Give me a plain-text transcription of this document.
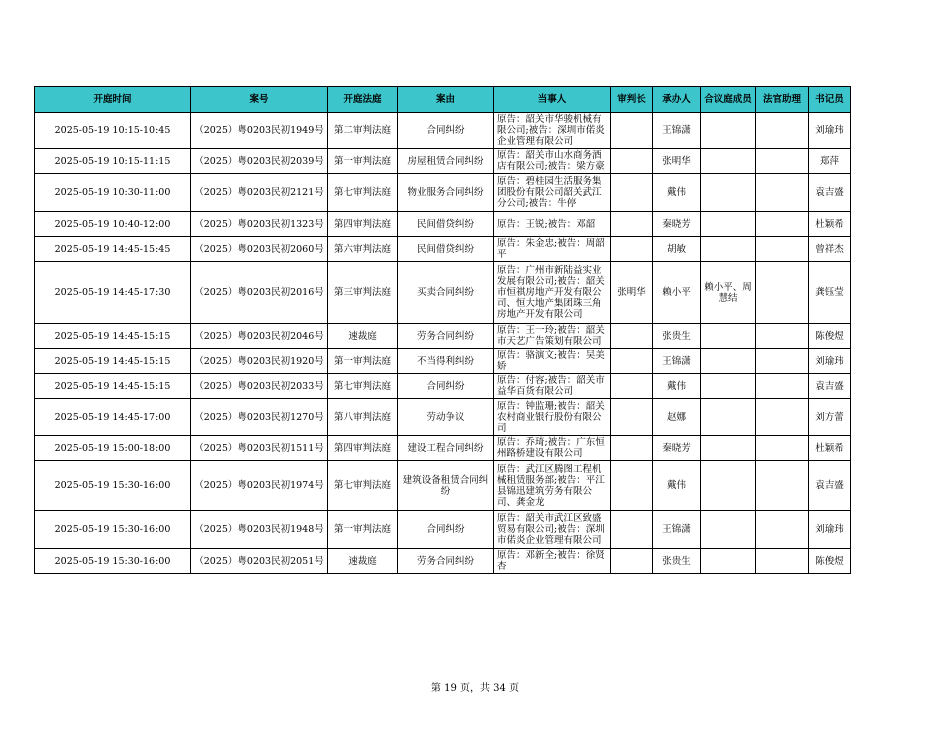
开庭时间	案号	开庭法庭	案由	当事人	审判长	承办人	合议庭成员	法官助理	书记员
2025-05-19 10:15-10:45	（2025）粤0203民初1949号	第二审判法庭	合同纠纷	原告：韶关市华骏机械有限公司;被告：深圳市偌炎企业管理有限公司		王锦潇			刘瑜玮
2025-05-19 10:15-11:15	（2025）粤0203民初2039号	第一审判法庭	房屋租赁合同纠纷	原告：韶关市山水商务酒店有限公司;被告：梁方豪		张明华			郑萍
2025-05-19 10:30-11:00	（2025）粤0203民初2121号	第七审判法庭	物业服务合同纠纷	原告：碧桂园生活服务集团股份有限公司韶关武江分公司;被告：牛停		戴伟			袁吉盛
2025-05-19 10:40-12:00	（2025）粤0203民初1323号	第四审判法庭	民间借贷纠纷	原告：王锐;被告：邓韶		秦晓芳			杜颖希
2025-05-19 14:45-15:45	（2025）粤0203民初2060号	第六审判法庭	民间借贷纠纷	原告：朱金忠;被告：周韶平		胡敏			曾祥杰
2025-05-19 14:45-17:30	（2025）粤0203民初2016号	第三审判法庭	买卖合同纠纷	原告：广州市新陆益实业发展有限公司;被告：韶关市恒祺房地产开发有限公司、恒大地产集团珠三角房地产开发有限公司	张明华	赖小平	赖小平、周慧结		龚钰莹
2025-05-19 14:45-15:15	（2025）粤0203民初2046号	速裁庭	劳务合同纠纷	原告：王一玲;被告：韶关市天艺广告策划有限公司		张贵生			陈俊煜
2025-05-19 14:45-15:15	（2025）粤0203民初1920号	第一审判法庭	不当得利纠纷	原告：骆演文;被告：吴美娇		王锦潇			刘瑜玮
2025-05-19 14:45-15:15	（2025）粤0203民初2033号	第七审判法庭	合同纠纷	原告：付容;被告：韶关市益华百货有限公司		戴伟			袁吉盛
2025-05-19 14:45-17:00	（2025）粤0203民初1270号	第八审判法庭	劳动争议	原告：钟监珊;被告：韶关农村商业银行股份有限公司		赵娜			刘方蕾
2025-05-19 15:00-18:00	（2025）粤0203民初1511号	第四审判法庭	建设工程合同纠纷	原告：乔琦;被告：广东恒州路桥建设有限公司		秦晓芳			杜颖希
2025-05-19 15:30-16:00	（2025）粤0203民初1974号	第七审判法庭	建筑设备租赁合同纠纷	原告：武江区腾图工程机械租赁服务部;被告：平江县锦迅建筑劳务有限公司、龚金龙		戴伟			袁吉盛
2025-05-19 15:30-16:00	（2025）粤0203民初1948号	第一审判法庭	合同纠纷	原告：韶关市武江区致盛贸易有限公司;被告：深圳市偌炎企业管理有限公司		王锦潇			刘瑜玮
2025-05-19 15:30-16:00	（2025）粤0203民初2051号	速裁庭	劳务合同纠纷	原告：邓新全;被告：徐贤杏		张贵生			陈俊煜
第 19 页，共 34 页
